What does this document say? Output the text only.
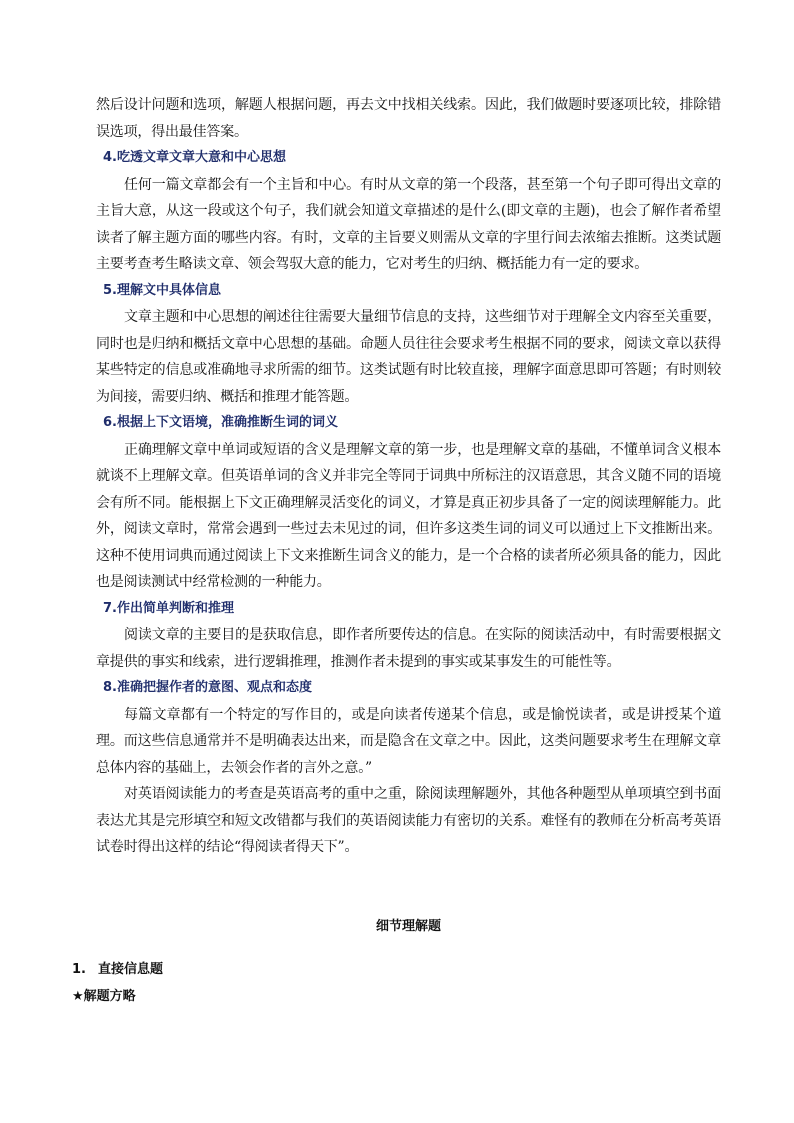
然后设计问题和选项，解题人根据问题，再去文中找相关线索。因此，我们做题时要逐项比较，排除错误选项，得出最佳答案。

4.吃透文章文章大意和中心思想

任何一篇文章都会有一个主旨和中心。有时从文章的第一个段落，甚至第一个句子即可得出文章的主旨大意，从这一段或这个句子，我们就会知道文章描述的是什么(即文章的主题)，也会了解作者希望读者了解主题方面的哪些内容。有时，文章的主旨要义则需从文章的字里行间去浓缩去推断。这类试题主要考查考生略读文章、领会驾驭大意的能力，它对考生的归纳、概括能力有一定的要求。

5.理解文中具体信息

文章主题和中心思想的阐述往往需要大量细节信息的支持，这些细节对于理解全文内容至关重要，同时也是归纳和概括文章中心思想的基础。命题人员往往会要求考生根据不同的要求，阅读文章以获得某些特定的信息或准确地寻求所需的细节。这类试题有时比较直接，理解字面意思即可答题；有时则较为间接，需要归纳、概括和推理才能答题。

6.根据上下文语境，准确推断生词的词义

正确理解文章中单词或短语的含义是理解文章的第一步，也是理解文章的基础，不懂单词含义根本就谈不上理解文章。但英语单词的含义并非完全等同于词典中所标注的汉语意思，其含义随不同的语境会有所不同。能根据上下文正确理解灵活变化的词义，才算是真正初步具备了一定的阅读理解能力。此外，阅读文章时，常常会遇到一些过去未见过的词，但许多这类生词的词义可以通过上下文推断出来。这种不使用词典而通过阅读上下文来推断生词含义的能力，是一个合格的读者所必须具备的能力，因此也是阅读测试中经常检测的一种能力。

7.作出简单判断和推理

阅读文章的主要目的是获取信息，即作者所要传达的信息。在实际的阅读活动中，有时需要根据文章提供的事实和线索，进行逻辑推理，推测作者未提到的事实或某事发生的可能性等。

8.准确把握作者的意图、观点和态度

每篇文章都有一个特定的写作目的，或是向读者传递某个信息，或是愉悦读者，或是讲授某个道理。而这些信息通常并不是明确表达出来，而是隐含在文章之中。因此，这类问题要求考生在理解文章总体内容的基础上，去领会作者的言外之意。”

对英语阅读能力的考查是英语高考的重中之重，除阅读理解题外，其他各种题型从单项填空到书面表达尤其是完形填空和短文改错都与我们的英语阅读能力有密切的关系。难怪有的教师在分析高考英语试卷时得出这样的结论“得阅读者得天下”。

细节理解题

1. 直接信息题
★解题方略
